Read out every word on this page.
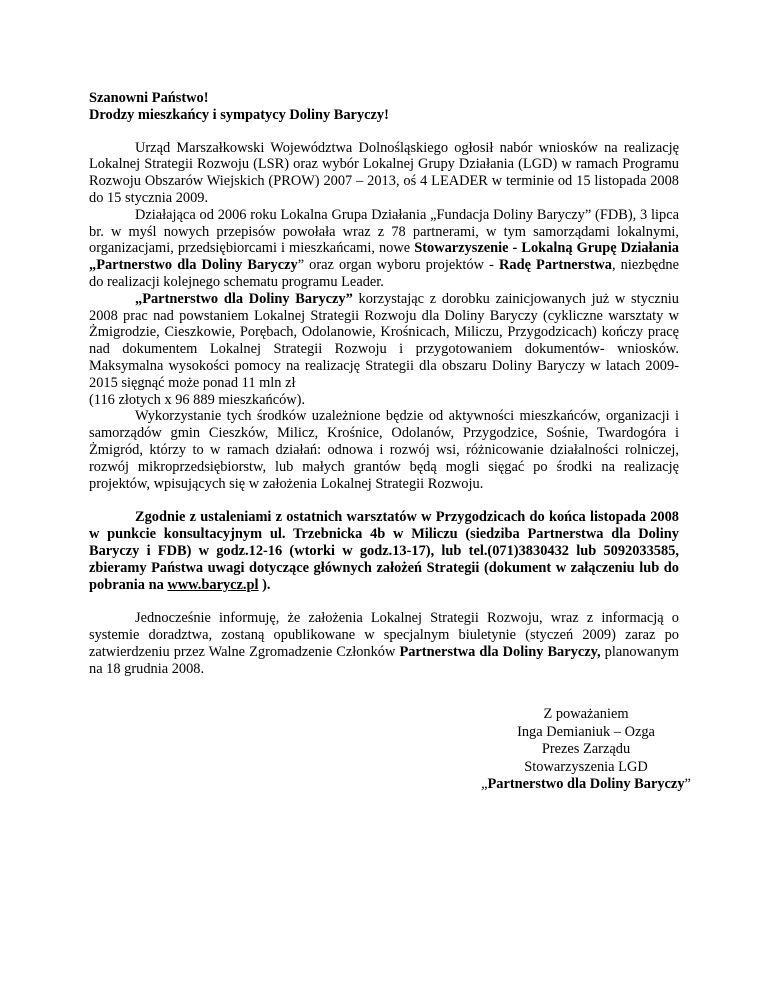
Szanowni Państwo!

Drodzy mieszkańcy i sympatycy Doliny Baryczy!

Urząd Marszałkowski Województwa Dolnośląskiego ogłosił nabór wniosków na realizację Lokalnej Strategii Rozwoju (LSR) oraz wybór Lokalnej Grupy Działania (LGD) w ramach Programu Rozwoju Obszarów Wiejskich (PROW) 2007 – 2013, oś 4 LEADER w terminie od 15 listopada 2008 do 15 stycznia 2009.

Działająca od 2006 roku Lokalna Grupa Działania „Fundacja Doliny Baryczy” (FDB), 3 lipca br. w myśl nowych przepisów powołała wraz z 78 partnerami, w tym samorządami lokalnymi, organizacjami, przedsiębiorcami i mieszkańcami, nowe Stowarzyszenie - Lokalną Grupę Działania „Partnerstwo dla Doliny Baryczy” oraz organ wyboru projektów - Radę Partnerstwa, niezbędne do realizacji kolejnego schematu programu Leader.

„Partnerstwo dla Doliny Baryczy” korzystając z dorobku zainicjowanych już w styczniu 2008 prac nad powstaniem Lokalnej Strategii Rozwoju dla Doliny Baryczy (cykliczne warsztaty w Żmigrodzie, Cieszkowie, Porębach, Odolanowie, Krośnicach, Miliczu, Przygodzicach) kończy pracę nad dokumentem Lokalnej Strategii Rozwoju i przygotowaniem dokumentów- wniosków. Maksymalna wysokości pomocy na realizację Strategii dla obszaru Doliny Baryczy w latach 2009-2015 sięgnąć może ponad 11 mln zł

(116 złotych x 96 889 mieszkańców).

Wykorzystanie tych środków uzależnione będzie od aktywności mieszkańców, organizacji i samorządów gmin Cieszków, Milicz, Krośnice, Odolanów, Przygodzice, Sośnie, Twardogóra i Żmigród, którzy to w ramach działań: odnowa i rozwój wsi, różnicowanie działalności rolniczej, rozwój mikroprzedsiębiorstw, lub małych grantów będą mogli sięgać po środki na realizację projektów, wpisujących się w założenia Lokalnej Strategii Rozwoju.

Zgodnie z ustaleniami z ostatnich warsztatów w Przygodzicach do końca listopada 2008 w punkcie konsultacyjnym ul. Trzebnicka 4b w Miliczu (siedziba Partnerstwa dla Doliny Baryczy i FDB) w godz.12-16 (wtorki w godz.13-17), lub tel.(071)3830432 lub 5092033585, zbieramy Państwa uwagi dotyczące głównych założeń Strategii (dokument w załączeniu lub do pobrania na www.barycz.pl ).

Jednocześnie informuję, że założenia Lokalnej Strategii Rozwoju, wraz z informacją o systemie doradztwa, zostaną opublikowane w specjalnym biuletynie (styczeń 2009) zaraz po zatwierdzeniu przez Walne Zgromadzenie Członków Partnerstwa dla Doliny Baryczy, planowanym na 18 grudnia 2008.

Z poważaniem
Inga Demianiuk – Ozga
Prezes Zarządu
Stowarzyszenia LGD
„Partnerstwo dla Doliny Baryczy”
